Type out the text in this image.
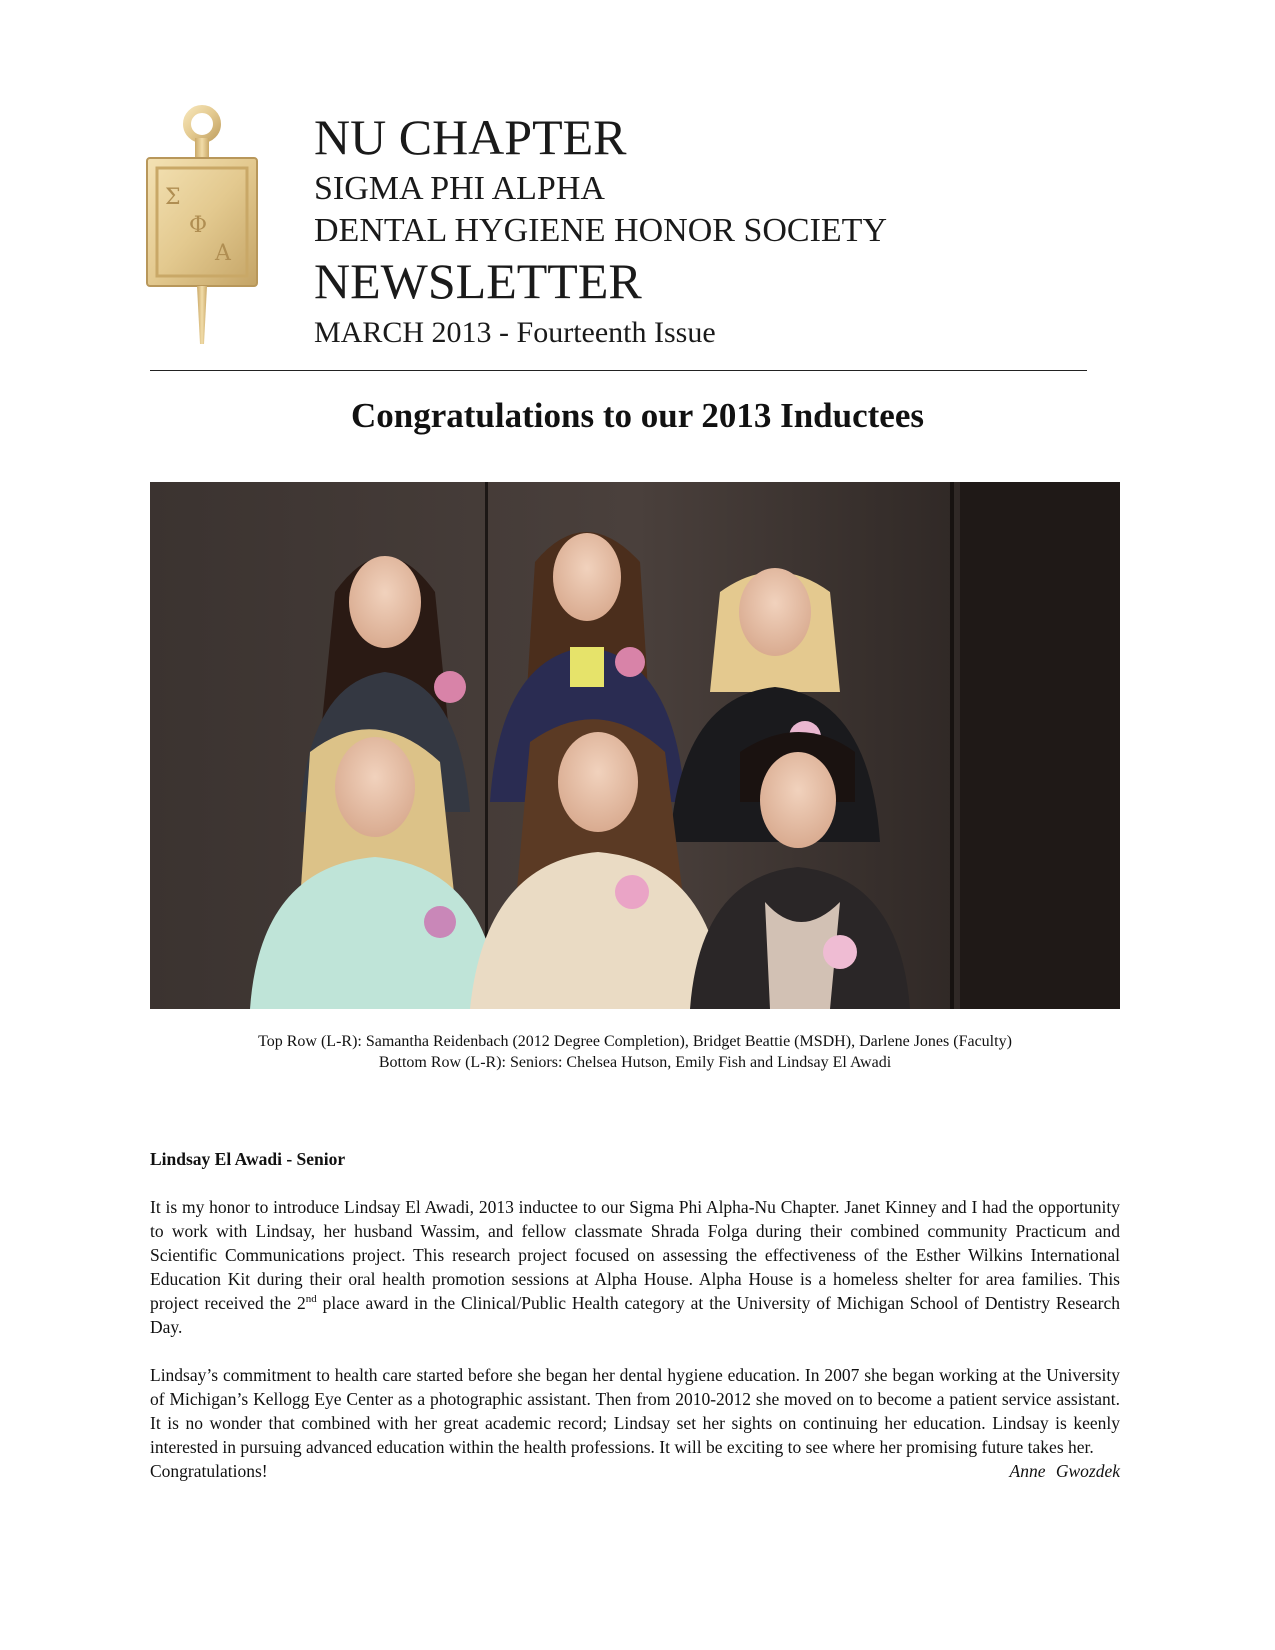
Σ
Φ
Α
NU CHAPTER
SIGMA PHI ALPHA
DENTAL HYGIENE HONOR SOCIETY
NEWSLETTER
MARCH 2013 - Fourteenth Issue
Congratulations to our 2013 Inductees
Top Row (L-R): Samantha Reidenbach (2012 Degree Completion), Bridget Beattie (MSDH), Darlene Jones (Faculty)
Bottom Row (L-R): Seniors: Chelsea Hutson, Emily Fish and Lindsay El Awadi
Lindsay El Awadi - Senior

It is my honor to introduce Lindsay El Awadi, 2013 inductee to our Sigma Phi Alpha-Nu Chapter. Janet Kinney and I had the opportunity to work with Lindsay, her husband Wassim, and fellow classmate Shrada Folga during their combined community Practicum and Scientific Communications project. This research project focused on assessing the effectiveness of the Esther Wilkins International Education Kit during their oral health promotion sessions at Alpha House. Alpha House is a homeless shelter for area families. This project received the 2nd place award in the Clinical/Public Health category at the University of Michigan School of Dentistry Research Day.

Lindsay’s commitment to health care started before she began her dental hygiene education. In 2007 she began working at the University of Michigan’s Kellogg Eye Center as a photographic assistant. Then from 2010-2012 she moved on to become a patient service assistant. It is no wonder that combined with her great academic record; Lindsay set her sights on continuing her education. Lindsay is keenly interested in pursuing advanced education within the health professions. It will be exciting to see where her promising future takes her.

Congratulations!	Anne Gwozdek
